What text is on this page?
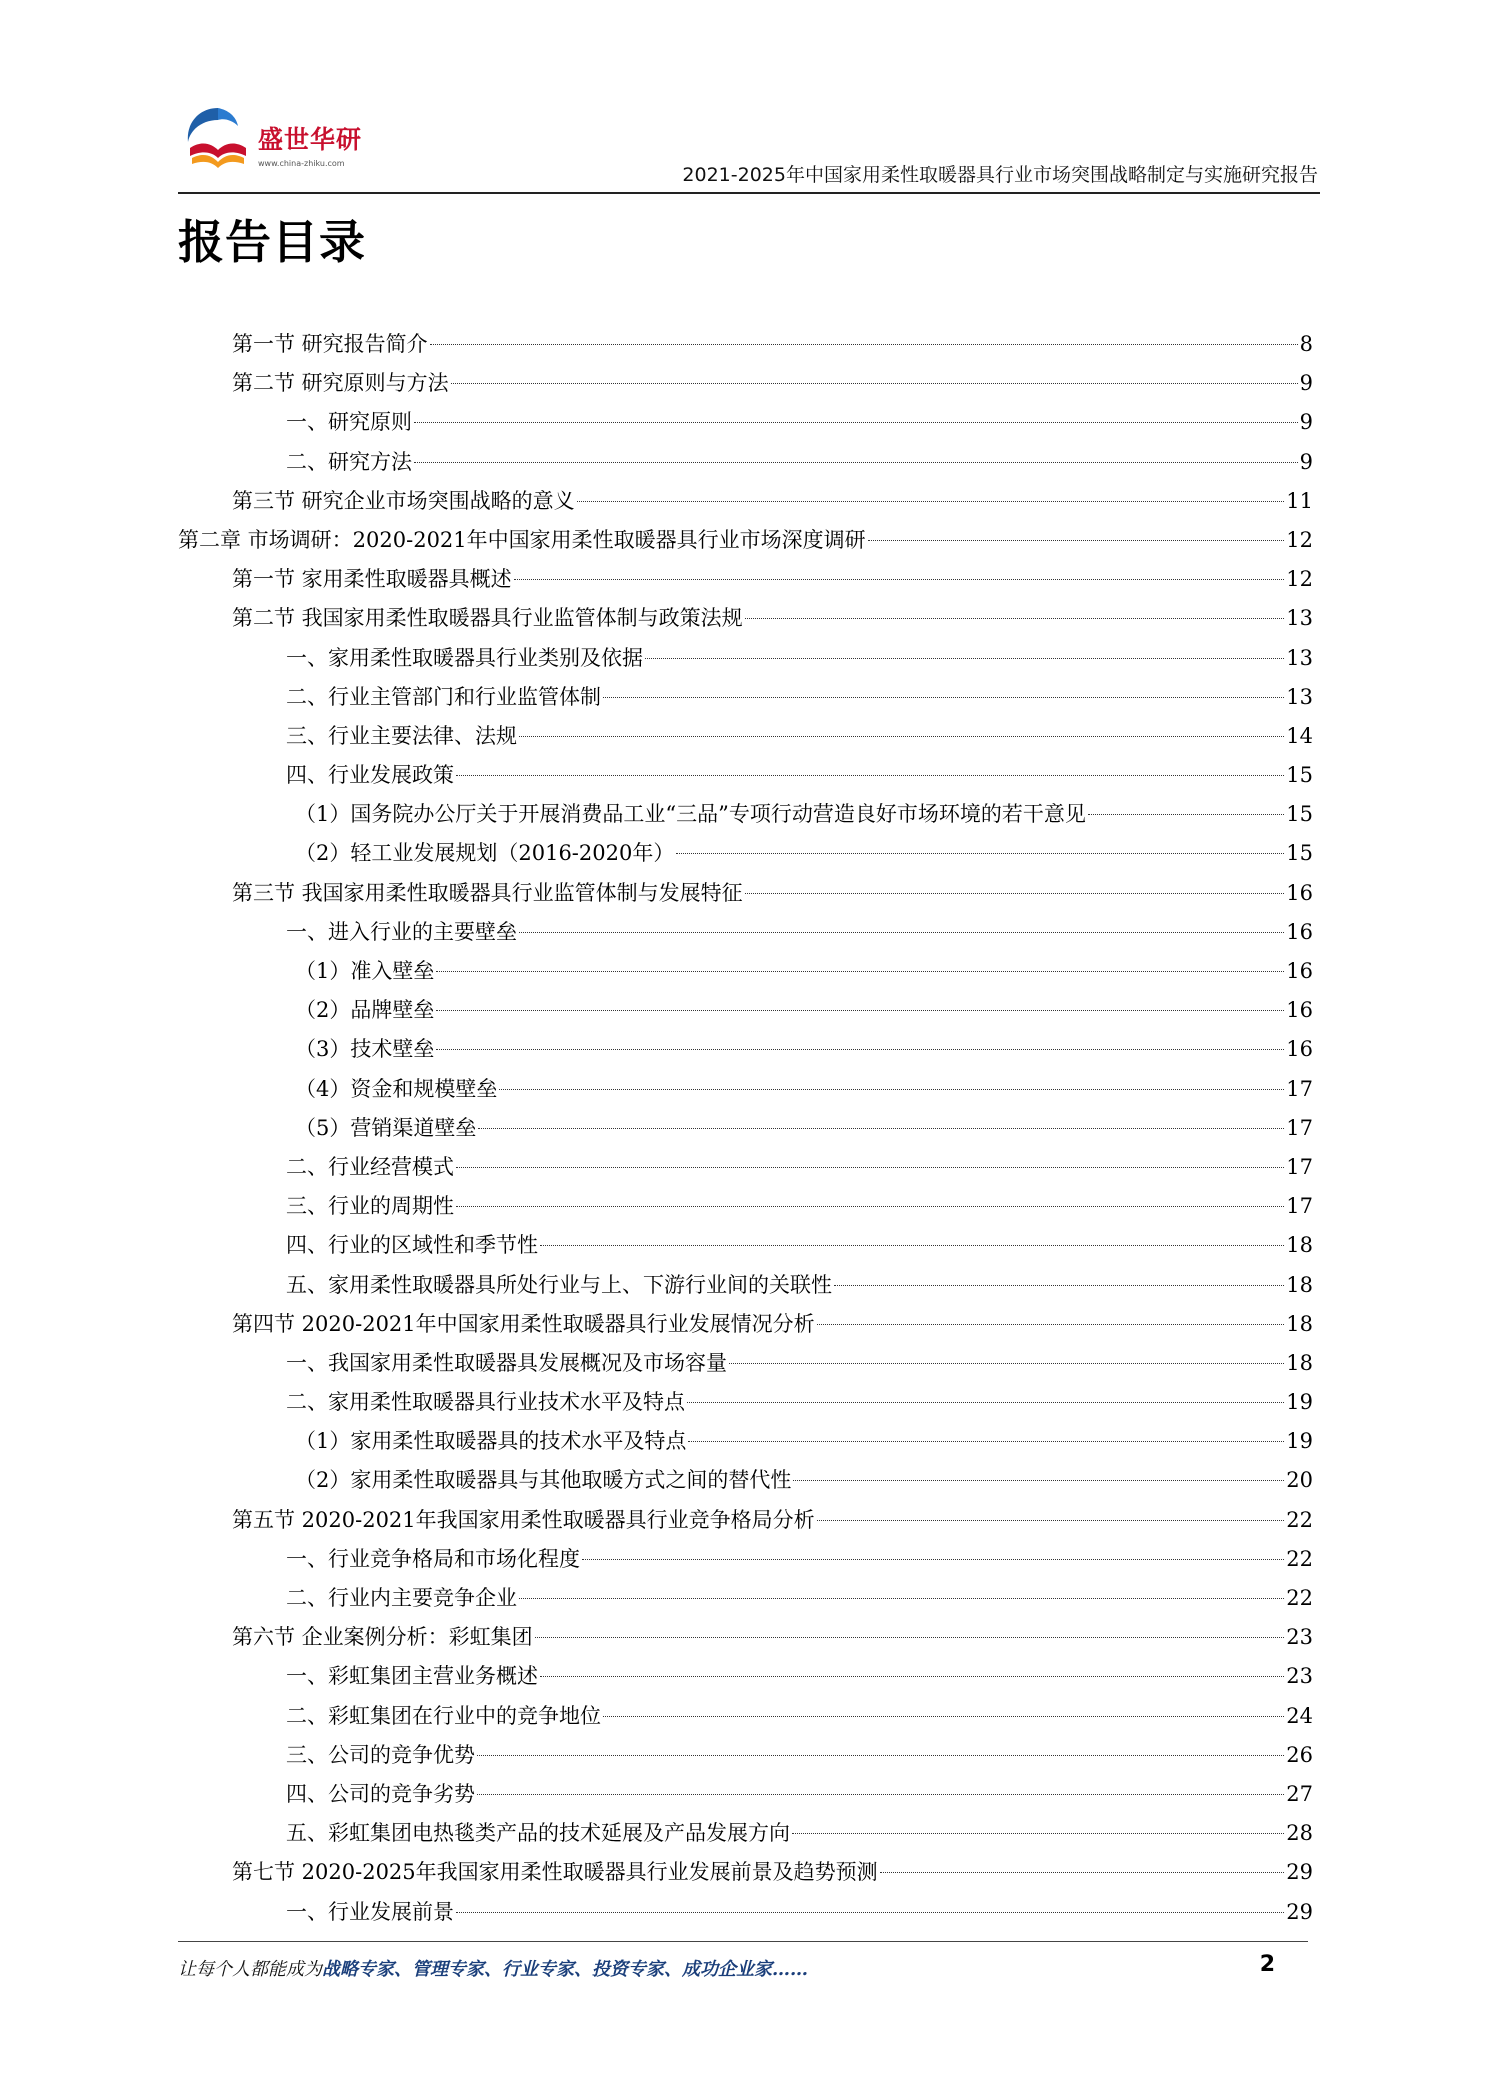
盛世华研
www.china-zhiku.com
2021-2025年中国家用柔性取暖器具行业市场突围战略制定与实施研究报告
报告目录
第一节 研究报告简介	8
第二节 研究原则与方法	9
一、研究原则	9
二、研究方法	9
第三节 研究企业市场突围战略的意义	11
第二章 市场调研：2020-2021年中国家用柔性取暖器具行业市场深度调研	12
第一节 家用柔性取暖器具概述	12
第二节 我国家用柔性取暖器具行业监管体制与政策法规	13
一、家用柔性取暖器具行业类别及依据	13
二、行业主管部门和行业监管体制	13
三、行业主要法律、法规	14
四、行业发展政策	15
（1）国务院办公厅关于开展消费品工业“三品”专项行动营造良好市场环境的若干意见	15
（2）轻工业发展规划（2016-2020年）	15
第三节 我国家用柔性取暖器具行业监管体制与发展特征	16
一、进入行业的主要壁垒	16
（1）准入壁垒	16
（2）品牌壁垒	16
（3）技术壁垒	16
（4）资金和规模壁垒	17
（5）营销渠道壁垒	17
二、行业经营模式	17
三、行业的周期性	17
四、行业的区域性和季节性	18
五、家用柔性取暖器具所处行业与上、下游行业间的关联性	18
第四节 2020-2021年中国家用柔性取暖器具行业发展情况分析	18
一、我国家用柔性取暖器具发展概况及市场容量	18
二、家用柔性取暖器具行业技术水平及特点	19
（1）家用柔性取暖器具的技术水平及特点	19
（2）家用柔性取暖器具与其他取暖方式之间的替代性	20
第五节 2020-2021年我国家用柔性取暖器具行业竞争格局分析	22
一、行业竞争格局和市场化程度	22
二、行业内主要竞争企业	22
第六节 企业案例分析：彩虹集团	23
一、彩虹集团主营业务概述	23
二、彩虹集团在行业中的竞争地位	24
三、公司的竞争优势	26
四、公司的竞争劣势	27
五、彩虹集团电热毯类产品的技术延展及产品发展方向	28
第七节 2020-2025年我国家用柔性取暖器具行业发展前景及趋势预测	29
一、行业发展前景	29
让每个人都能成为战略专家、管理专家、行业专家、投资专家、成功企业家……	2
